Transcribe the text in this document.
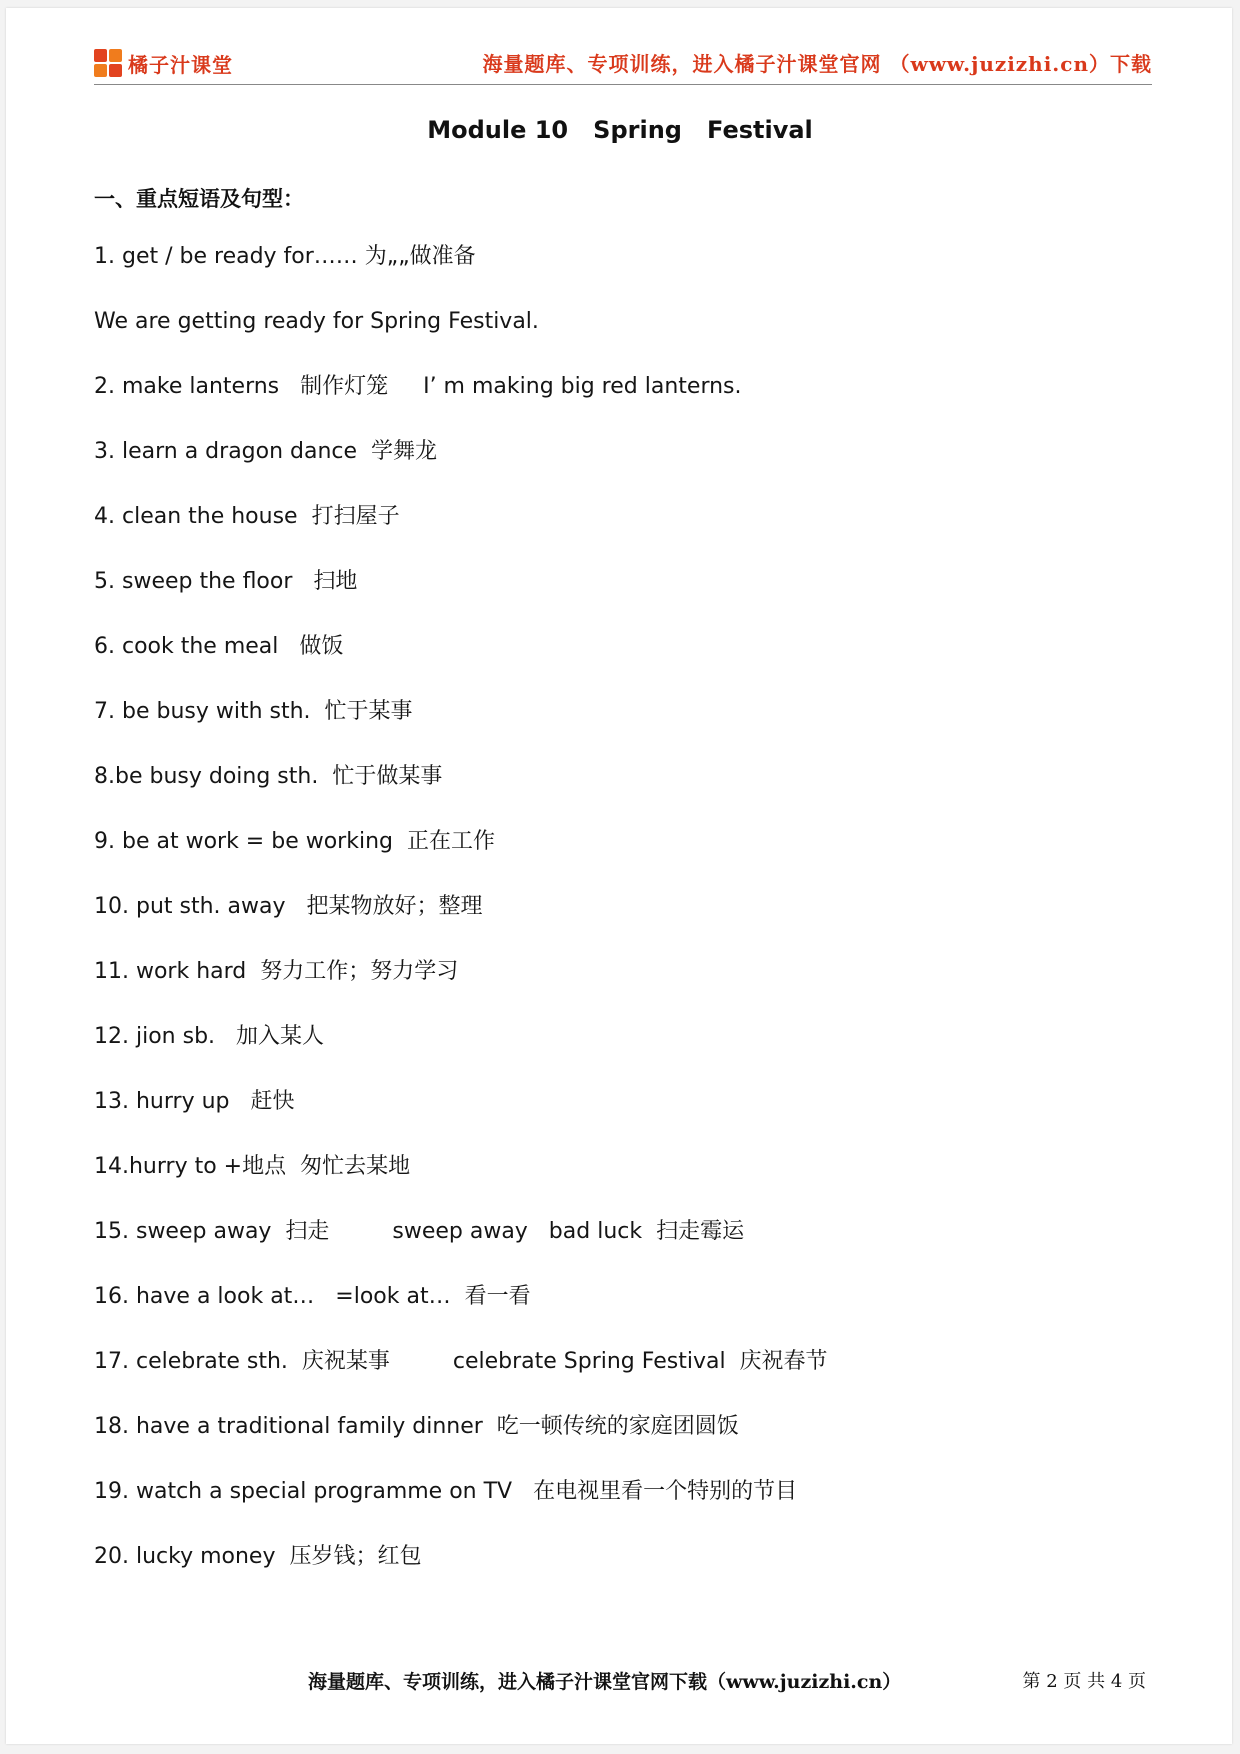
橘子汁课堂	海量题库、专项训练，进入橘子汁课堂官网 （www.juzizhi.cn）下载
Module 10   Spring   Festival
一、重点短语及句型：
1. get / be ready for…… 为„„做准备
We are getting ready for Spring Festival.
2. make lanterns   制作灯笼     I’ m making big red lanterns.
3. learn a dragon dance  学舞龙
4. clean the house  打扫屋子
5. sweep the floor   扫地
6. cook the meal   做饭
7. be busy with sth.  忙于某事
8.be busy doing sth.  忙于做某事
9. be at work = be working  正在工作
10. put sth. away   把某物放好；整理
11. work hard  努力工作；努力学习
12. jion sb.   加入某人
13. hurry up   赶快
14.hurry to +地点  匆忙去某地
15. sweep away  扫走         sweep away   bad luck  扫走霉运
16. have a look at…   =look at…  看一看
17. celebrate sth.  庆祝某事         celebrate Spring Festival  庆祝春节
18. have a traditional family dinner  吃一顿传统的家庭团圆饭
19. watch a special programme on TV   在电视里看一个特别的节目
20. lucky money  压岁钱；红包
海量题库、专项训练，进入橘子汁课堂官网下载（www.juzizhi.cn）	第 2 页 共 4 页
